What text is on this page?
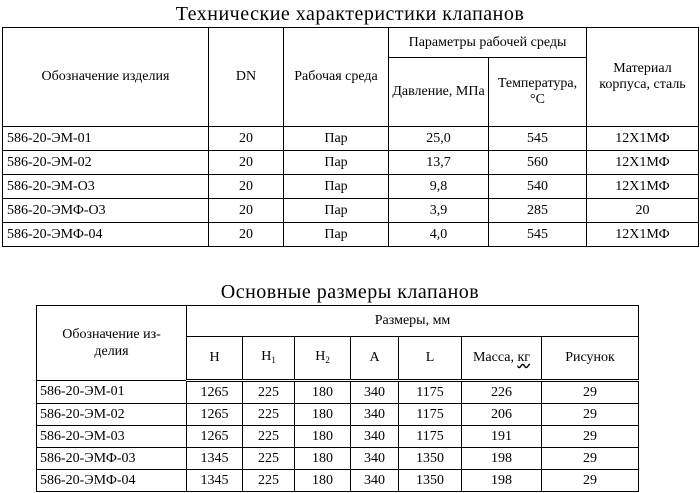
Технические характеристики клапанов
Обозначение изделия	DN	Рабочая среда	Параметры рабочей среды		Материал корпуса, сталь
			Давление, МПа	Температура, °С	
586-20-ЭМ-01	20	Пар	25,0	545	12Х1МФ
586-20-ЭМ-02	20	Пар	13,7	560	12Х1МФ
586-20-ЭМ-О3	20	Пар	9,8	540	12Х1МФ
586-20-ЭМФ-О3	20	Пар	3,9	285	20
586-20-ЭМФ-04	20	Пар	4,0	545	12Х1МФ
Основные размеры клапанов
Обозначение из-делия	Размеры, мм						
	Н	$Н_1$	$Н_2$	А	L	Масса, кг	Рисунок
586-20-ЭМ-01	1265	225	180	340	1175	226	29
586-20-ЭМ-02	1265	225	180	340	1175	206	29
586-20-ЭМ-03	1265	225	180	340	1175	191	29
586-20-ЭМФ-03	1345	225	180	340	1350	198	29
586-20-ЭМФ-04	1345	225	180	340	1350	198	29
